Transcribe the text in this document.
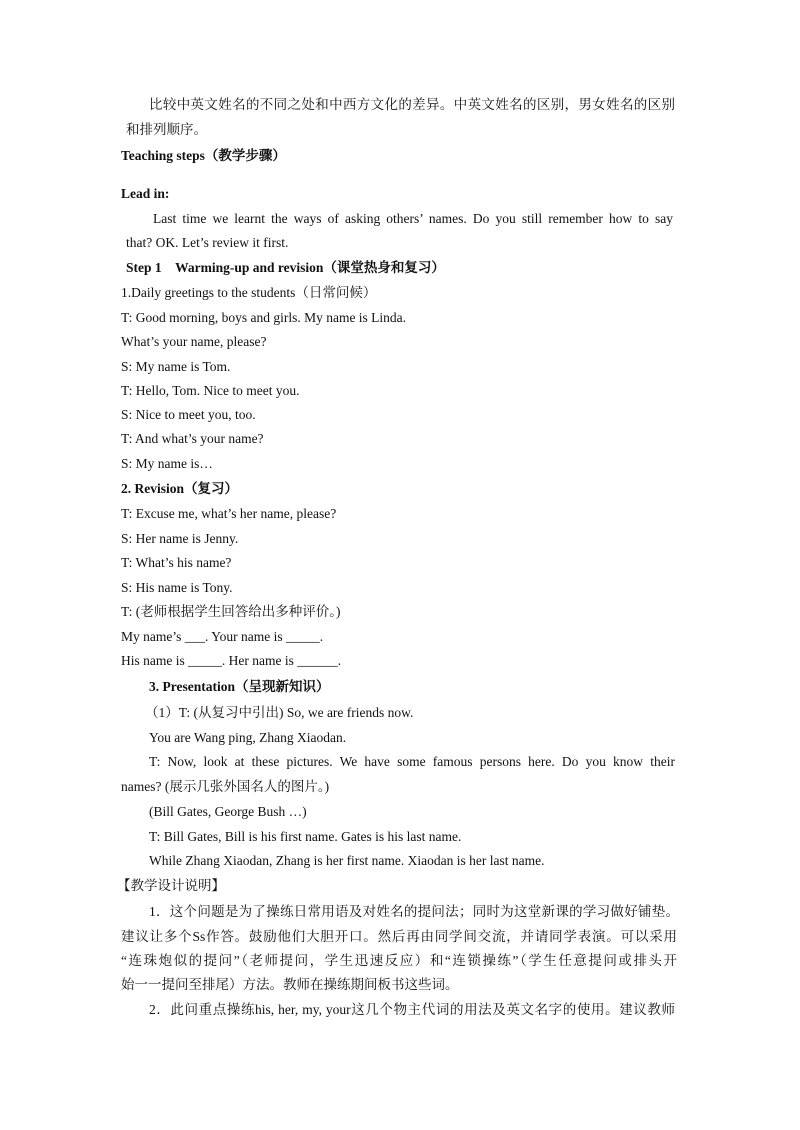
比较中英文姓名的不同之处和中西方文化的差异。中英文姓名的区别，男女姓名的区别
和排列顺序。
Teaching steps（教学步骤）
Lead in:
Last time we learnt the ways of asking others’ names. Do you still remember how to say
that? OK. Let’s review it first.
Step 1　Warming-up and revision（课堂热身和复习）
1.Daily greetings to the students（日常问候）
T: Good morning, boys and girls. My name is Linda.
What’s your name, please?
S: My name is Tom.
T: Hello, Tom. Nice to meet you.
S: Nice to meet you, too.
T: And what’s your name?
S: My name is…
2. Revision（复习）
T: Excuse me, what’s her name, please?
S: Her name is Jenny.
T: What’s his name?
S: His name is Tony.
T: (老师根据学生回答给出多种评价。)
My name’s ___. Your name is _____.
His name is _____. Her name is ______.
3. Presentation（呈现新知识）
（1）T: (从复习中引出) So, we are friends now.
You are Wang ping, Zhang Xiaodan.
T: Now, look at these pictures. We have some famous persons here. Do you know their
names? (展示几张外国名人的图片。)
(Bill Gates, George Bush …)
T: Bill Gates, Bill is his first name. Gates is his last name.
While Zhang Xiaodan, Zhang is her first name. Xiaodan is her last name.
【教学设计说明】
1．这个问题是为了操练日常用语及对姓名的提问法；同时为这堂新课的学习做好铺垫。
建议让多个Ss作答。鼓励他们大胆开口。然后再由同学间交流，并请同学表演。可以采用
“连珠炮似的提问”（老师提问，学生迅速反应）和“连锁操练”（学生任意提问或排头开
始一一提问至排尾）方法。教师在操练期间板书这些词。
2．此问重点操练his, her, my, your这几个物主代词的用法及英文名字的使用。建议教师
